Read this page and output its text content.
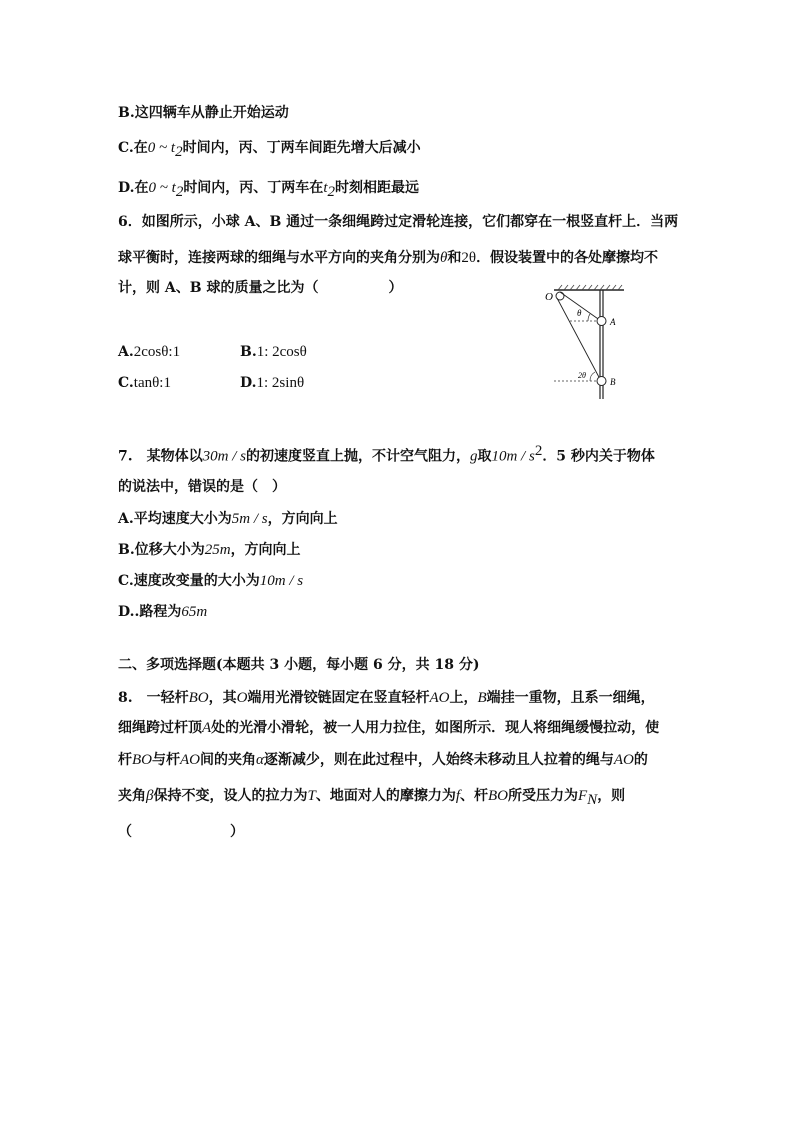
B.这四辆车从静止开始运动
C.在0 ~ $t_2$时间内，丙、丁两车间距先增大后减小
D.在0 ~ $t_2$时间内，丙、丁两车在$t_2$时刻相距最远
6．如图所示，小球 A、B 通过一条细绳跨过定滑轮连接，它们都穿在一根竖直杆上．当两
球平衡时，连接两球的细绳与水平方向的夹角分别为θ和2θ．假设装置中的各处摩擦均不
计，则 A、B 球的质量之比为（　　　　　）
A.2cosθ:1	B.1: 2cosθ
C.tanθ:1	D.1: 2sinθ
O
A
B
θ
2θ
7.　某物体以30m / s的初速度竖直上抛，不计空气阻力，g取$10m / s^2$．5 秒内关于物体
的说法中，错误的是（　）
A.平均速度大小为5m / s，方向向上
B.位移大小为25m，方向向上
C.速度改变量的大小为10m / s
D..路程为65m
二、多项选择题(本题共 3 小题，每小题 6 分，共 18 分)
8.　一轻杆BO，其O端用光滑铰链固定在竖直轻杆AO上，B端挂一重物，且系一细绳，
细绳跨过杆顶A处的光滑小滑轮，被一人用力拉住，如图所示．现人将细绳缓慢拉动，使
杆BO与杆AO间的夹角α逐渐减少，则在此过程中，人始终未移动且人拉着的绳与AO的
夹角β保持不变，设人的拉力为T、地面对人的摩擦力为f、杆BO所受压力为$F_N$，则
（　　　　　　　）
